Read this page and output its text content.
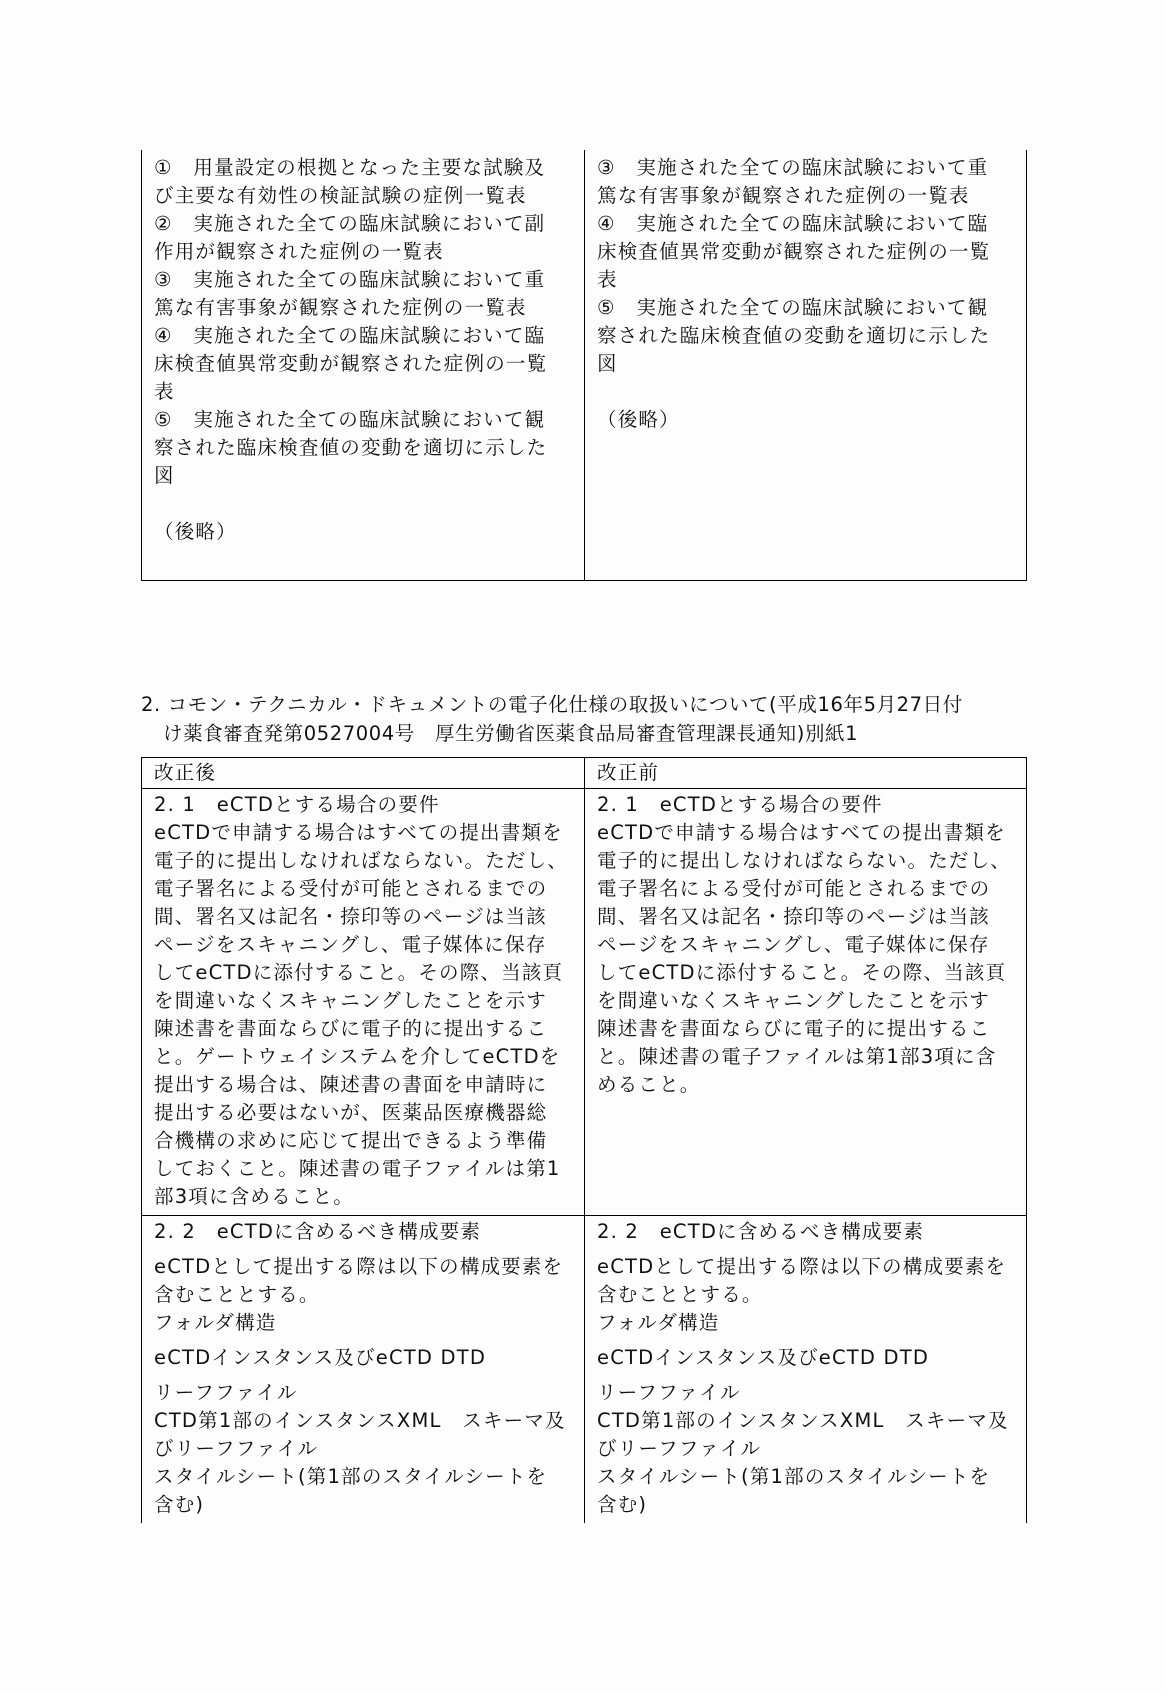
①　用量設定の根拠となった主要な試験及
び主要な有効性の検証試験の症例一覧表
②　実施された全ての臨床試験において副
作用が観察された症例の一覧表
③　実施された全ての臨床試験において重
篤な有害事象が観察された症例の一覧表
④　実施された全ての臨床試験において臨
床検査値異常変動が観察された症例の一覧
表
⑤　実施された全ての臨床試験において観
察された臨床検査値の変動を適切に示した
図
（後略）
③　実施された全ての臨床試験において重
篤な有害事象が観察された症例の一覧表
④　実施された全ての臨床試験において臨
床検査値異常変動が観察された症例の一覧
表
⑤　実施された全ての臨床試験において観
察された臨床検査値の変動を適切に示した
図
（後略）
2. コモン・テクニカル・ドキュメントの電子化仕様の取扱いについて(平成16年5月27日付
け薬食審査発第0527004号　厚生労働省医薬食品局審査管理課長通知)別紙1
改正後	改正前
2. 1　eCTDとする場合の要件
eCTDで申請する場合はすべての提出書類を
電子的に提出しなければならない。ただし、
電子署名による受付が可能とされるまでの
間、署名又は記名・捺印等のページは当該
ページをスキャニングし、電子媒体に保存
してeCTDに添付すること。その際、当該頁
を間違いなくスキャニングしたことを示す
陳述書を書面ならびに電子的に提出するこ
と。ゲートウェイシステムを介してeCTDを
提出する場合は、陳述書の書面を申請時に
提出する必要はないが、医薬品医療機器総
合機構の求めに応じて提出できるよう準備
しておくこと。陳述書の電子ファイルは第1
部3項に含めること。
2. 1　eCTDとする場合の要件
eCTDで申請する場合はすべての提出書類を
電子的に提出しなければならない。ただし、
電子署名による受付が可能とされるまでの
間、署名又は記名・捺印等のページは当該
ページをスキャニングし、電子媒体に保存
してeCTDに添付すること。その際、当該頁
を間違いなくスキャニングしたことを示す
陳述書を書面ならびに電子的に提出するこ
と。陳述書の電子ファイルは第1部3項に含
めること。
2. 2　eCTDに含めるべき構成要素
eCTDとして提出する際は以下の構成要素を
含むこととする。
フォルダ構造
eCTDインスタンス及びeCTD DTD
リーフファイル
CTD第1部のインスタンスXML　スキーマ及
びリーフファイル
スタイルシート(第1部のスタイルシートを
含む)
2. 2　eCTDに含めるべき構成要素
eCTDとして提出する際は以下の構成要素を
含むこととする。
フォルダ構造
eCTDインスタンス及びeCTD DTD
リーフファイル
CTD第1部のインスタンスXML　スキーマ及
びリーフファイル
スタイルシート(第1部のスタイルシートを
含む)
